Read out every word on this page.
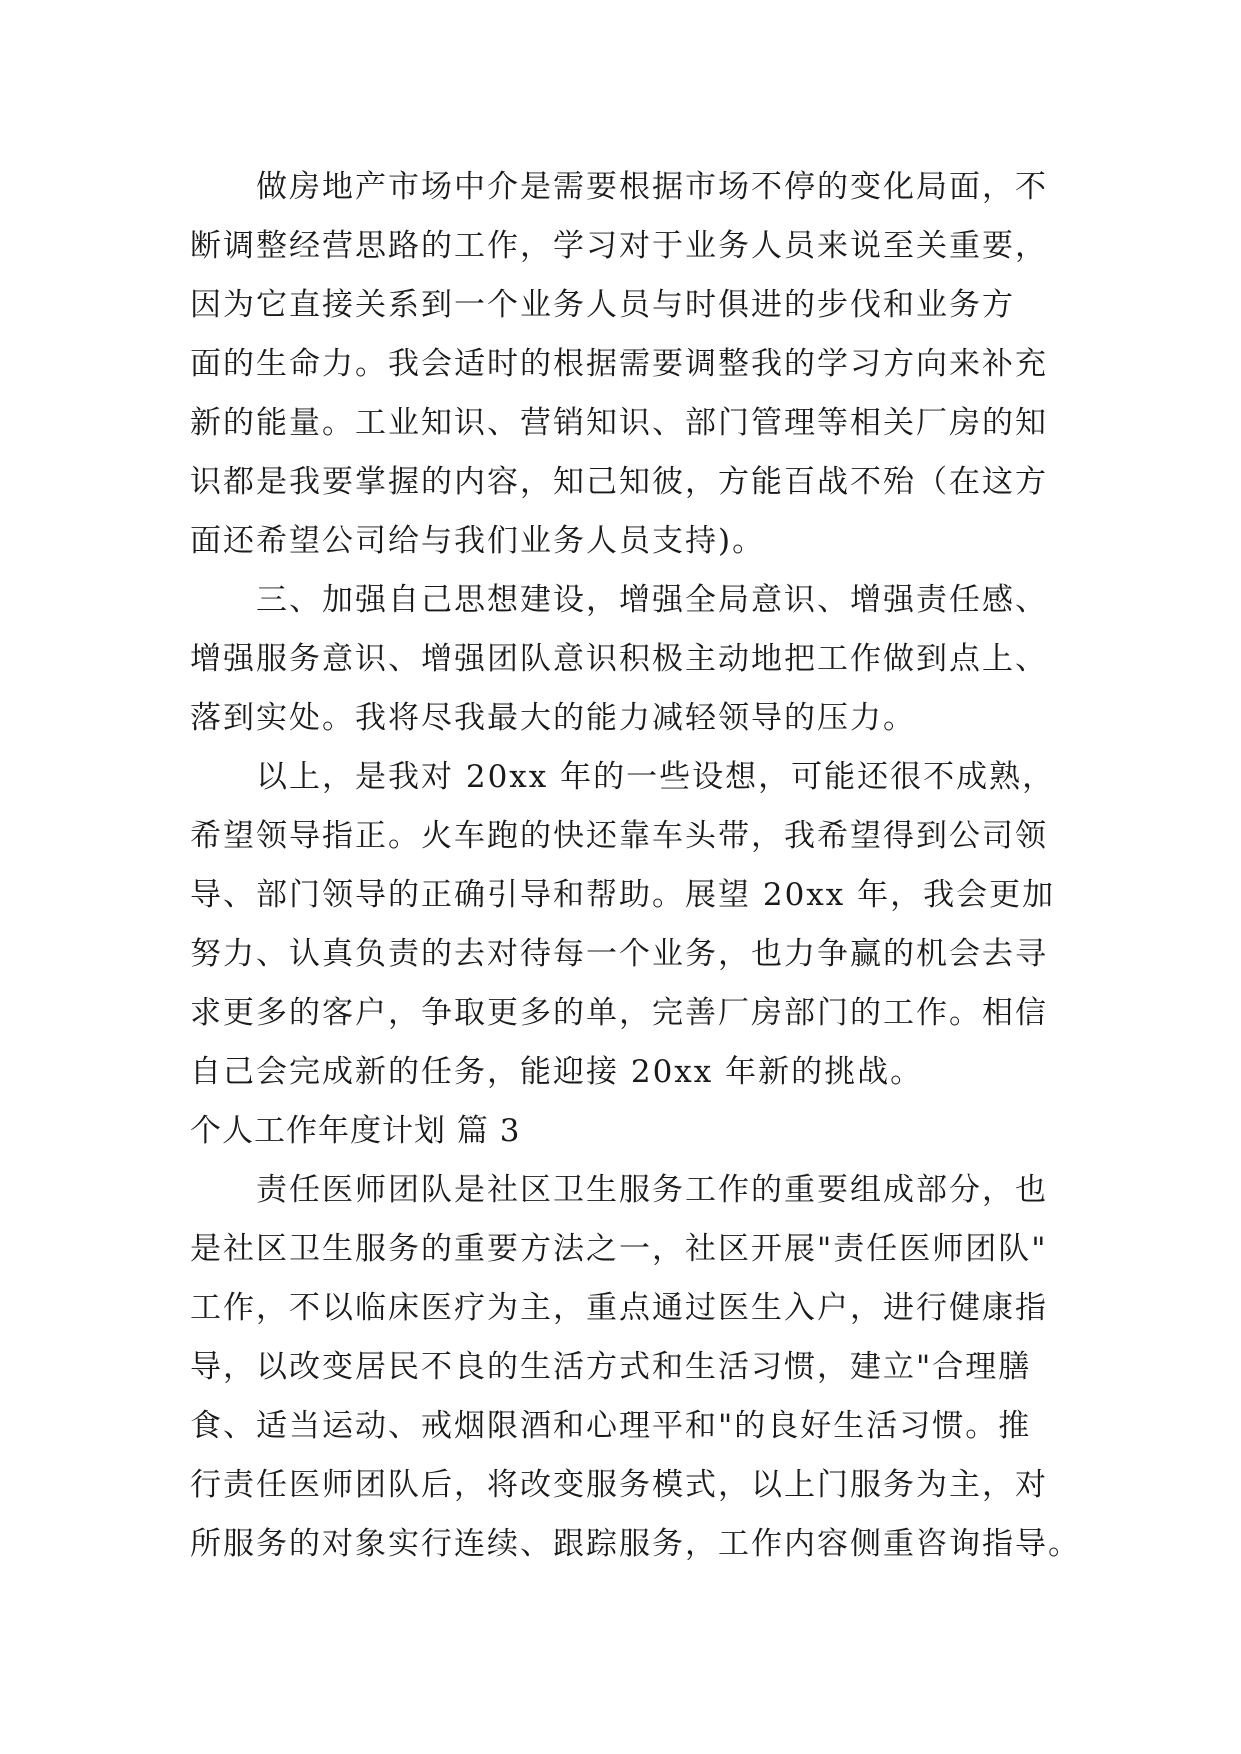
　　做房地产市场中介是需要根据市场不停的变化局面，不
断调整经营思路的工作，学习对于业务人员来说至关重要，
因为它直接关系到一个业务人员与时俱进的步伐和业务方
面的生命力。我会适时的根据需要调整我的学习方向来补充
新的能量。工业知识、营销知识、部门管理等相关厂房的知
识都是我要掌握的内容，知己知彼，方能百战不殆（在这方
面还希望公司给与我们业务人员支持)。
　　三、加强自己思想建设，增强全局意识、增强责任感、
增强服务意识、增强团队意识积极主动地把工作做到点上、
落到实处。我将尽我最大的能力减轻领导的压力。
　　以上，是我对 20xx 年的一些设想，可能还很不成熟，
希望领导指正。火车跑的快还靠车头带，我希望得到公司领
导、部门领导的正确引导和帮助。展望 20xx 年，我会更加
努力、认真负责的去对待每一个业务，也力争赢的机会去寻
求更多的客户，争取更多的单，完善厂房部门的工作。相信
自己会完成新的任务，能迎接 20xx 年新的挑战。
个人工作年度计划 篇 3
　　责任医师团队是社区卫生服务工作的重要组成部分，也
是社区卫生服务的重要方法之一，社区开展"责任医师团队"
工作，不以临床医疗为主，重点通过医生入户，进行健康指
导，以改变居民不良的生活方式和生活习惯，建立"合理膳
食、适当运动、戒烟限酒和心理平和"的良好生活习惯。推
行责任医师团队后，将改变服务模式，以上门服务为主，对
所服务的对象实行连续、跟踪服务，工作内容侧重咨询指导。
